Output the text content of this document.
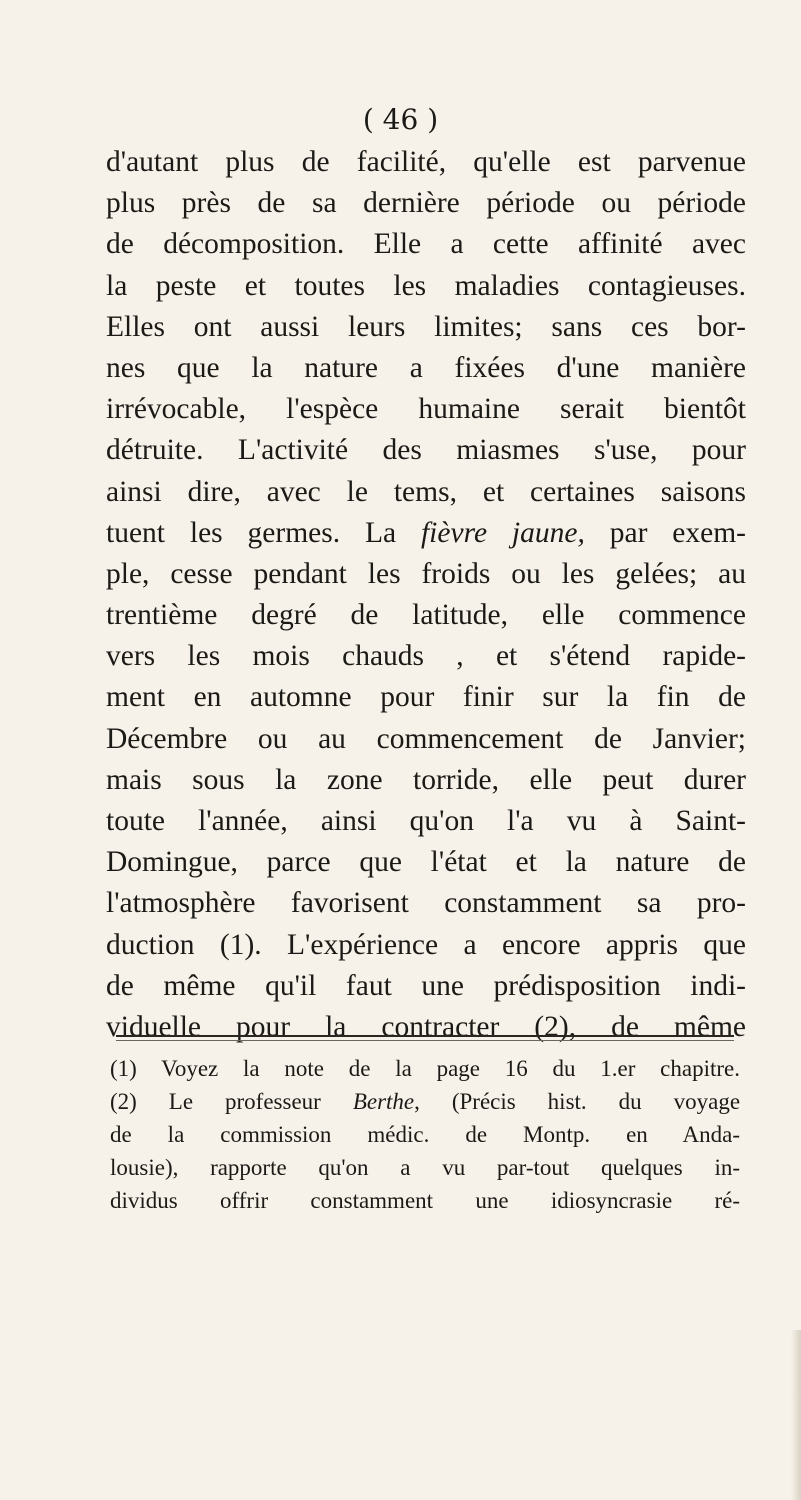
( 46 )
d'autant plus de facilité, qu'elle est parvenue
plus près de sa dernière période ou période
de décomposition. Elle a cette affinité avec
la peste et toutes les maladies contagieuses.
Elles ont aussi leurs limites; sans ces bor-
nes que la nature a fixées d'une manière
irrévocable, l'espèce humaine serait bientôt
détruite. L'activité des miasmes s'use, pour
ainsi dire, avec le tems, et certaines saisons
tuent les germes. La fièvre jaune, par exem-
ple, cesse pendant les froids ou les gelées; au
trentième degré de latitude, elle commence
vers les mois chauds , et s'étend rapide-
ment en automne pour finir sur la fin de
Décembre ou au commencement de Janvier;
mais sous la zone torride, elle peut durer
toute l'année, ainsi qu'on l'a vu à Saint-
Domingue, parce que l'état et la nature de
l'atmosphère favorisent constamment sa pro-
duction (1). L'expérience a encore appris que
de même qu'il faut une prédisposition indi-
viduelle pour la contracter (2), de même
(1) Voyez la note de la page 16 du 1.er chapitre.
(2) Le professeur Berthe, (Précis hist. du voyage
de la commission médic. de Montp. en Anda-
lousie), rapporte qu'on a vu par-tout quelques in-
dividus offrir constamment une idiosyncrasie ré-
